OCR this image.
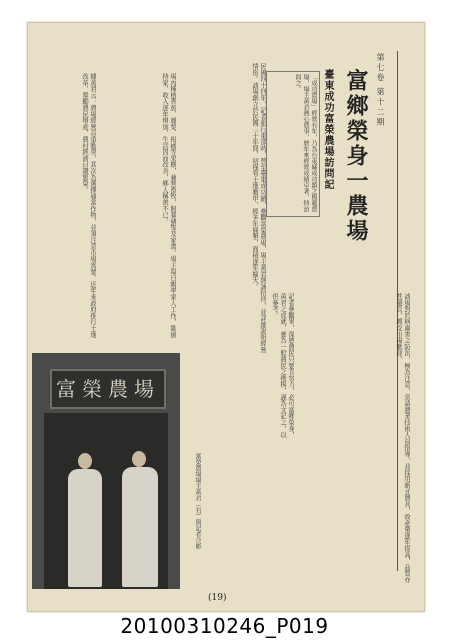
第七卷 第十二期
富鄉榮身一農場
臺東成功富榮農場訪問記
「成功農場」經營有年，乃為台東縣成功鎮之模範農場，場主黃君熱心農事，歷年來經營成績卓著，特訪問之。
民國四十四年，記者旅行東部時，曾至臺東成功鎮，參觀富榮農場，場主黃君熱誠招待，並詳細說明經營情形。該場創立於民國三十年間，初僅有土地數甲，經多年開墾，面積逐年擴大。
場內種植香蕉、鳳梨、柑橘等果樹，兼營畜牧，飼養豬隻及家禽。場主每日親率家人工作，勤儉持家，收入逐年增加，生活因而改善，鄉人稱羨不已。
據黃君云：農場經營首重勤勞，其次為選擇適當作物，並須注意市場需要。近年來政府推行土地改革，獎勵農民增產，農村經濟日趨繁榮。
該場對於病蟲害之防治，極為注意，常請農業技術人員指導，並採用新式農具，故產量逐年提高，品質亦甚優良，頗受市場歡迎。
記者參觀畢，深感農民只要肯努力，必可富鄉榮身，黃君之成就，實為一般農民之楷模，謹為文記之，以供參考。
富榮農場
富榮農場場主黃君（右）與記者合影
(19)
20100310246_P019
